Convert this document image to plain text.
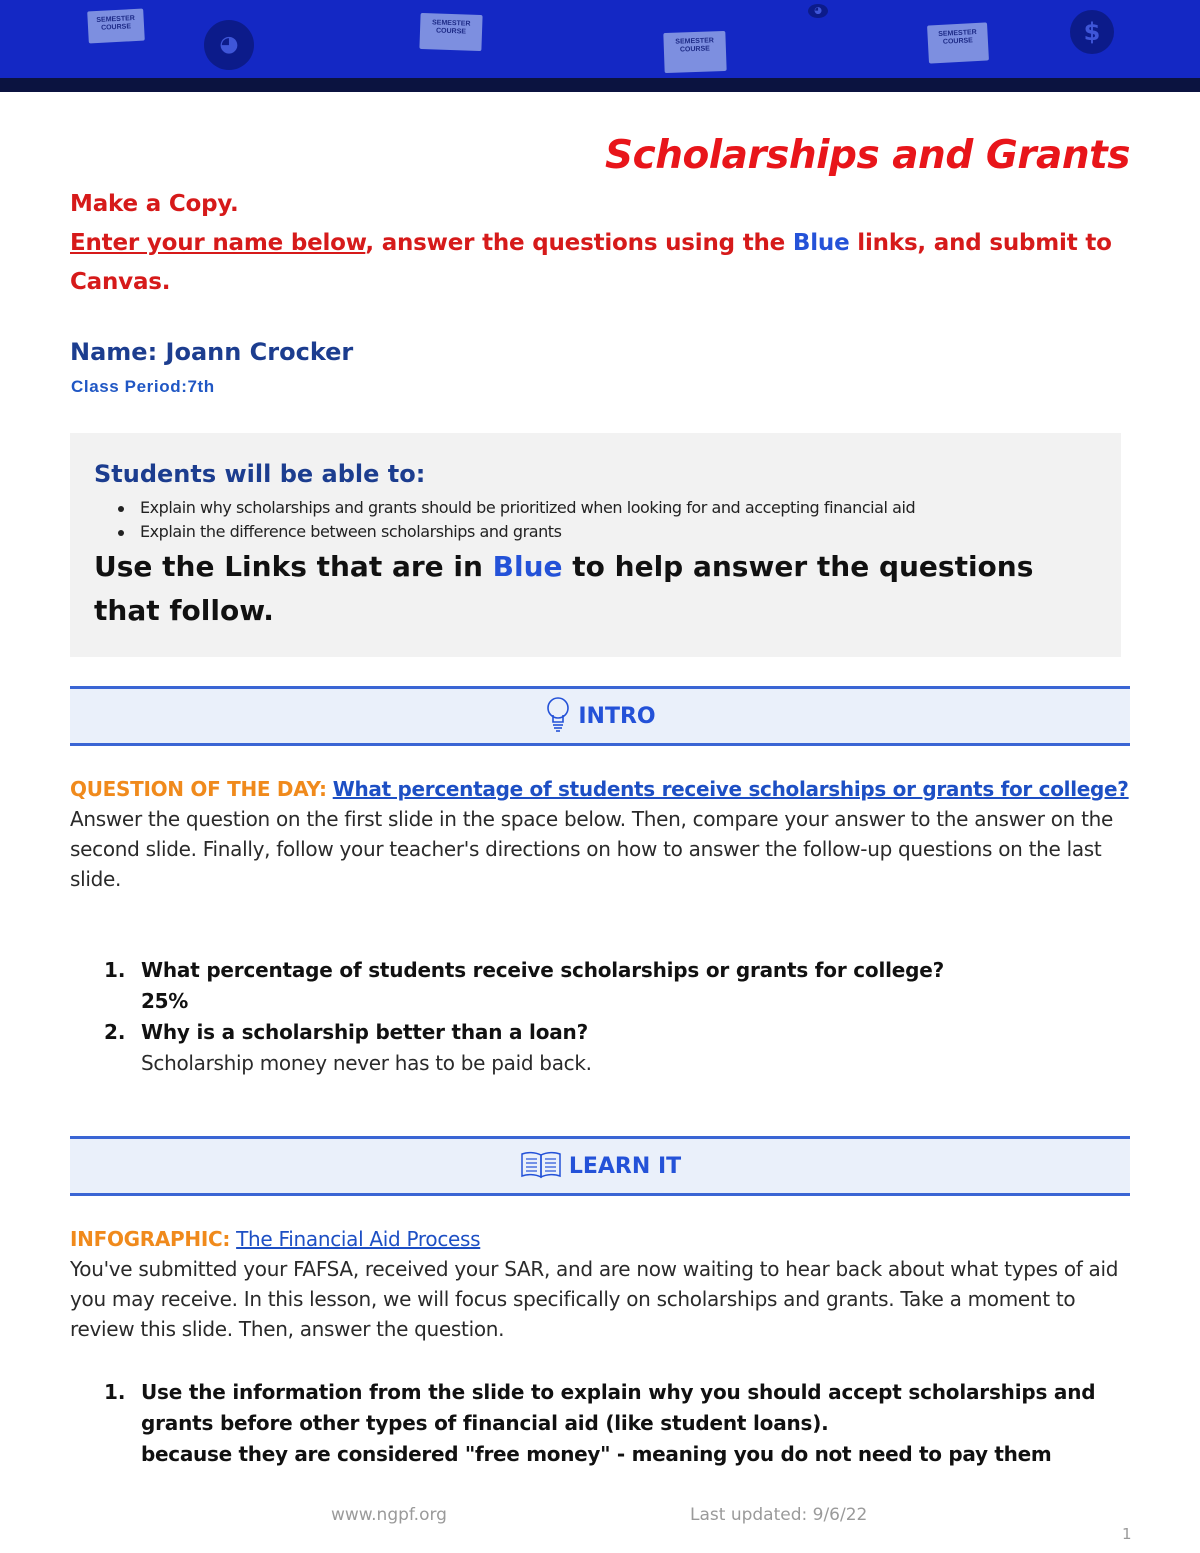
SEMESTER COURSE
◕
SEMESTER COURSE
SEMESTER COURSE
◕
SEMESTER COURSE	$
Scholarships and Grants
Make a Copy.
Enter your name below, answer the questions using the Blue links, and submit to Canvas.
Name: Joann Crocker
Class Period:7th
Students will be able to:
Explain why scholarships and grants should be prioritized when looking for and accepting financial aid
Explain the difference between scholarships and grants
Use the Links that are in Blue to help answer the questions that follow.
INTRO
QUESTION OF THE DAY: What percentage of students receive scholarships or grants for college?
Answer the question on the first slide in the space below. Then, compare your answer to the answer on the second slide. Finally, follow your teacher's directions on how to answer the follow-up questions on the last slide.
1. What percentage of students receive scholarships or grants for college?
25%
2. Why is a scholarship better than a loan?
Scholarship money never has to be paid back.
LEARN IT
INFOGRAPHIC: The Financial Aid Process
You've submitted your FAFSA, received your SAR, and are now waiting to hear back about what types of aid you may receive. In this lesson, we will focus specifically on scholarships and grants. Take a moment to review this slide. Then, answer the question.
1. Use the information from the slide to explain why you should accept scholarships and grants before other types of financial aid (like student loans).
because they are considered "free money" - meaning you do not need to pay them
www.ngpf.org	Last updated: 9/6/22
1
